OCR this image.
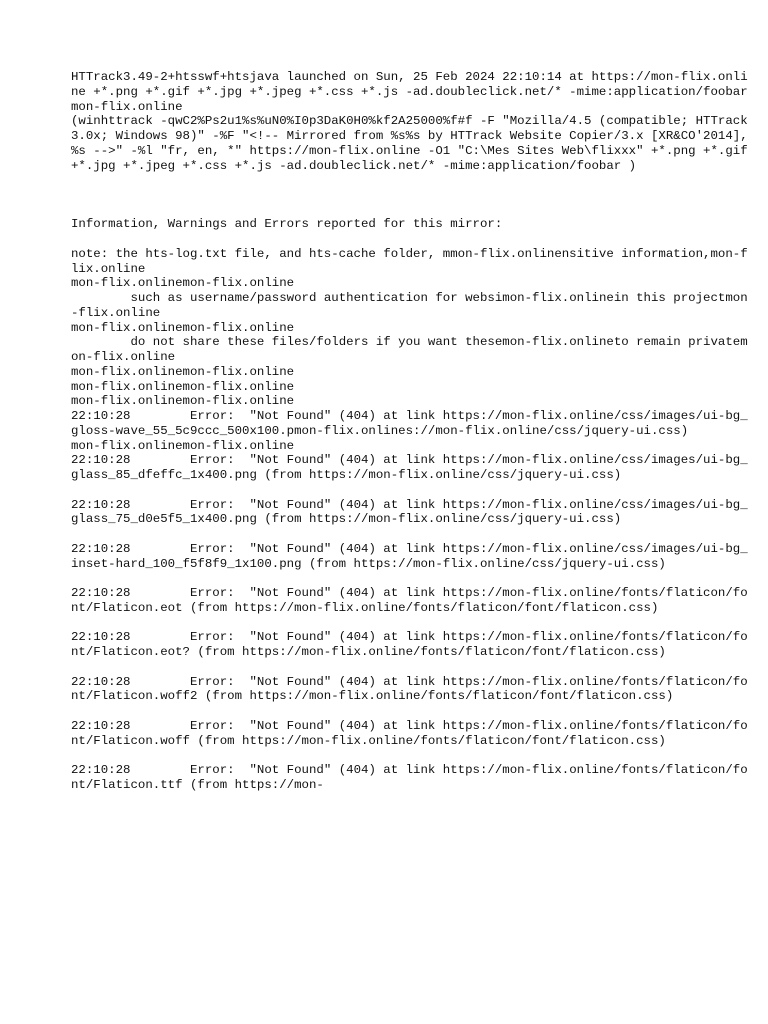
HTTrack3.49-2+htsswf+htsjava launched on Sun, 25 Feb 2024 22:10:14 at https://mon-flix.online +*.png +*.gif +*.jpg +*.jpeg +*.css +*.js -ad.doubleclick.net/* -mime:application/foobar
mon-flix.online
(winhttrack -qwC2%Ps2u1%s%uN0%I0p3DaK0H0%kf2A25000%f#f -F "Mozilla/4.5 (compatible; HTTrack 3.0x; Windows 98)" -%F "<!-- Mirrored from %s%s by HTTrack Website Copier/3.x [XR&CO'2014], %s -->" -%l "fr, en, *" https://mon-flix.online -O1 "C:\Mes Sites Web\flixxx" +*.png +*.gif +*.jpg +*.jpeg +*.css +*.js -ad.doubleclick.net/* -mime:application/foobar )
Information, Warnings and Errors reported for this mirror:
note: the hts-log.txt file, and hts-cache folder, mmon-flix.onlinensitive information,mon-flix.online
mon-flix.onlinemon-flix.online
	such as username/password authentication for websimon-flix.onlinein this projectmon-flix.online
mon-flix.onlinemon-flix.online
	do not share these files/folders if you want thesemon-flix.onlineto remain privatemon-flix.online
mon-flix.onlinemon-flix.online
mon-flix.onlinemon-flix.online
mon-flix.onlinemon-flix.online
22:10:28	Error:	"Not Found" (404) at link https://mon-flix.online/css/images/ui-bg_gloss-wave_55_5c9ccc_500x100.pmon-flix.onlines://mon-flix.online/css/jquery-ui.css)
mon-flix.onlinemon-flix.online
22:10:28	Error:	"Not Found" (404) at link https://mon-flix.online/css/images/ui-bg_glass_85_dfeffc_1x400.png (from https://mon-flix.online/css/jquery-ui.css)
22:10:28	Error:	"Not Found" (404) at link https://mon-flix.online/css/images/ui-bg_glass_75_d0e5f5_1x400.png (from https://mon-flix.online/css/jquery-ui.css)
22:10:28	Error:	"Not Found" (404) at link https://mon-flix.online/css/images/ui-bg_inset-hard_100_f5f8f9_1x100.png (from https://mon-flix.online/css/jquery-ui.css)
22:10:28	Error:	"Not Found" (404) at link https://mon-flix.online/fonts/flaticon/font/Flaticon.eot (from https://mon-flix.online/fonts/flaticon/font/flaticon.css)
22:10:28	Error:	"Not Found" (404) at link https://mon-flix.online/fonts/flaticon/font/Flaticon.eot? (from https://mon-flix.online/fonts/flaticon/font/flaticon.css)
22:10:28	Error:	"Not Found" (404) at link https://mon-flix.online/fonts/flaticon/font/Flaticon.woff2 (from https://mon-flix.online/fonts/flaticon/font/flaticon.css)
22:10:28	Error:	"Not Found" (404) at link https://mon-flix.online/fonts/flaticon/font/Flaticon.woff (from https://mon-flix.online/fonts/flaticon/font/flaticon.css)
22:10:28	Error:	"Not Found" (404) at link https://mon-flix.online/fonts/flaticon/font/Flaticon.ttf (from https://mon-
